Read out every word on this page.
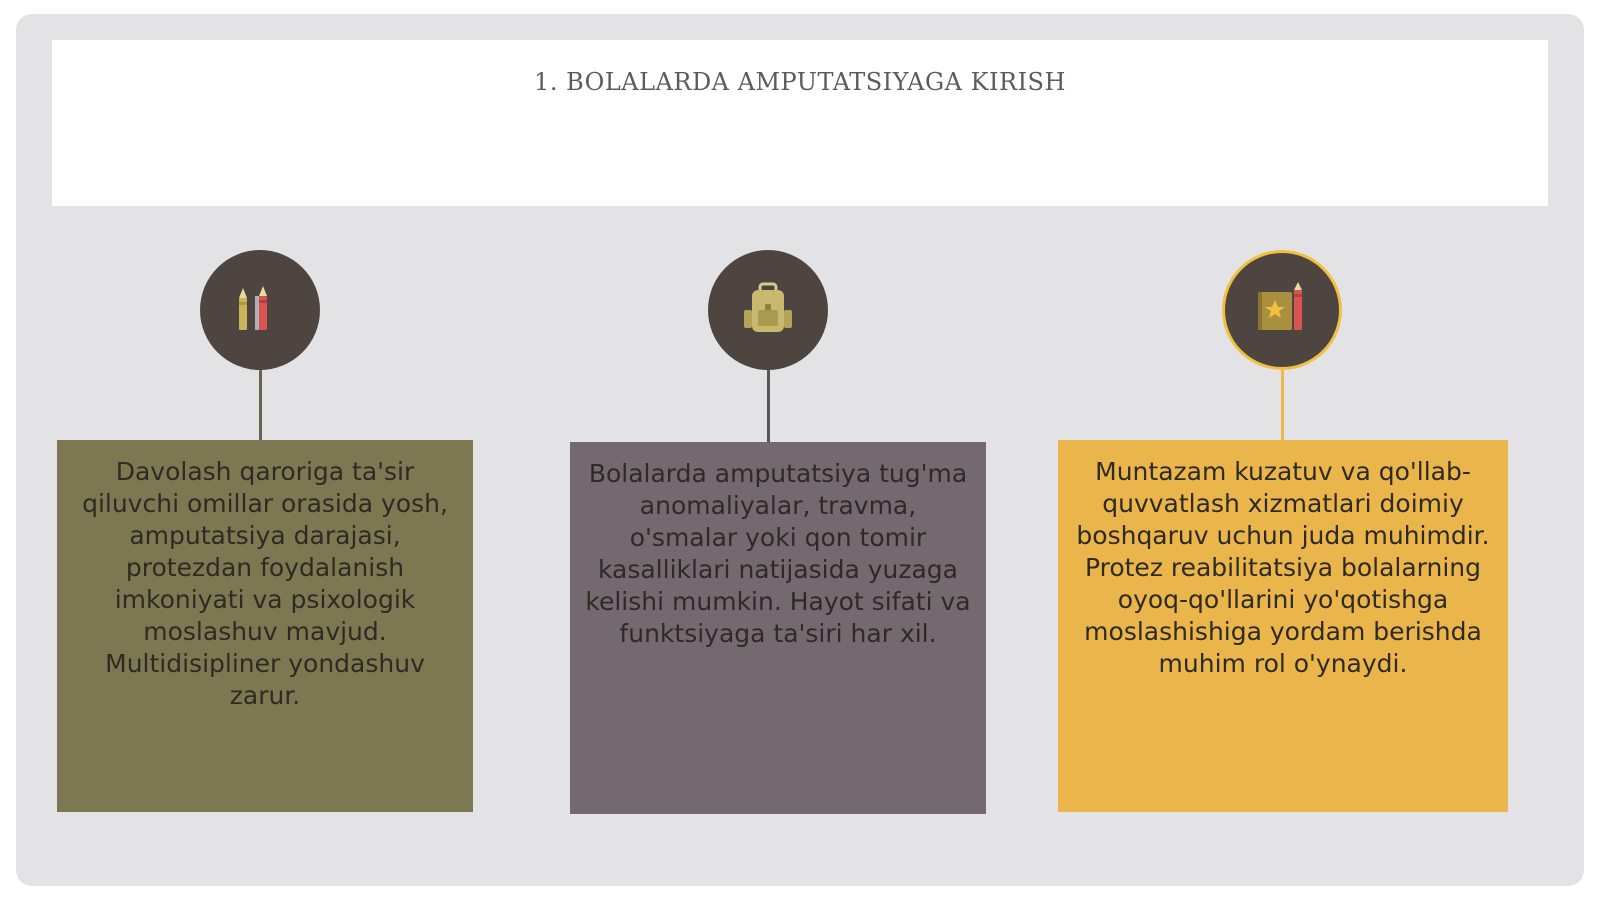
1. BOLALARDA AMPUTATSIYAGA KIRISH
Davolash qaroriga ta'sir qiluvchi omillar orasida yosh, amputatsiya darajasi, protezdan foydalanish imkoniyati va psixologik moslashuv mavjud. Multidisipliner yondashuv zarur.
Bolalarda amputatsiya tug'ma anomaliyalar, travma, o'smalar yoki qon tomir kasalliklari natijasida yuzaga kelishi mumkin. Hayot sifati va funktsiyaga ta'siri har xil.
Muntazam kuzatuv va qo'llab-quvvatlash xizmatlari doimiy boshqaruv uchun juda muhimdir. Protez reabilitatsiya bolalarning oyoq-qo'llarini yo'qotishga moslashishiga yordam berishda muhim rol o'ynaydi.
